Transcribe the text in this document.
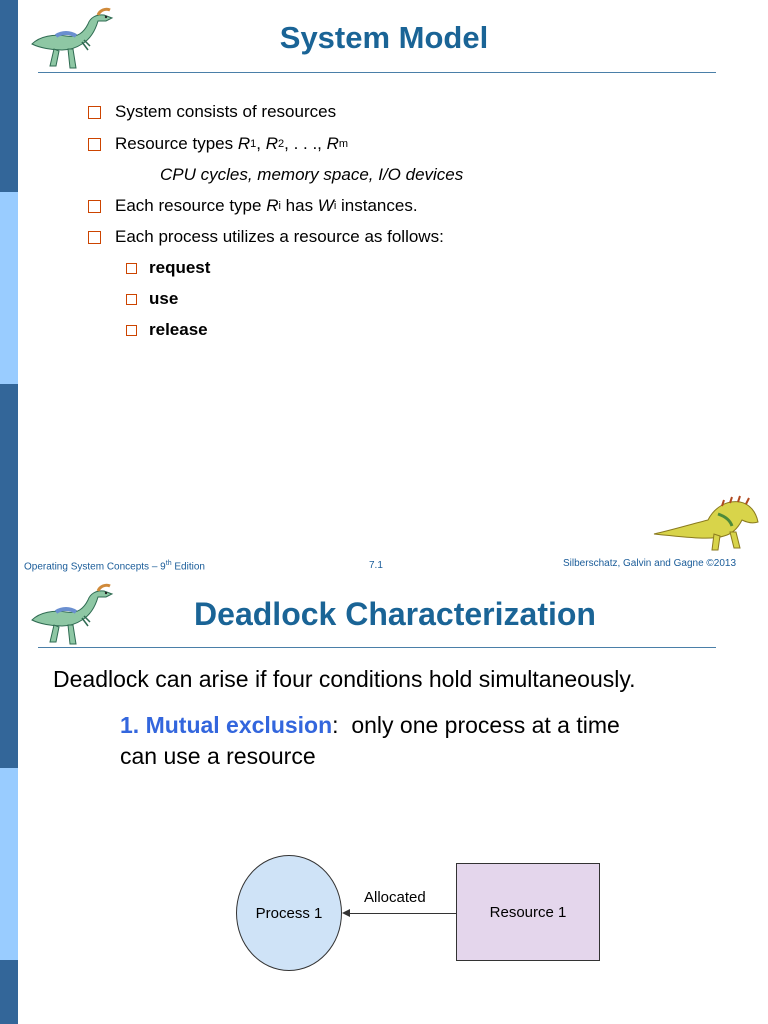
System Model
System consists of resources
Resource types
R 1 , R 2 , . . ., R m
CPU cycles, memory space, I/O devices
Each resource type
R i has W i instances.
Each process utilizes a resource as follows:
request
use
release
Operating System Concepts – 9th Edition	7.1	Silberschatz, Galvin and Gagne ©2013
Deadlock Characterization
Deadlock can arise if four conditions hold simultaneously.
1. Mutual exclusion:  only one process at a time
can use a resource
Process 1
Allocated
Resource 1
